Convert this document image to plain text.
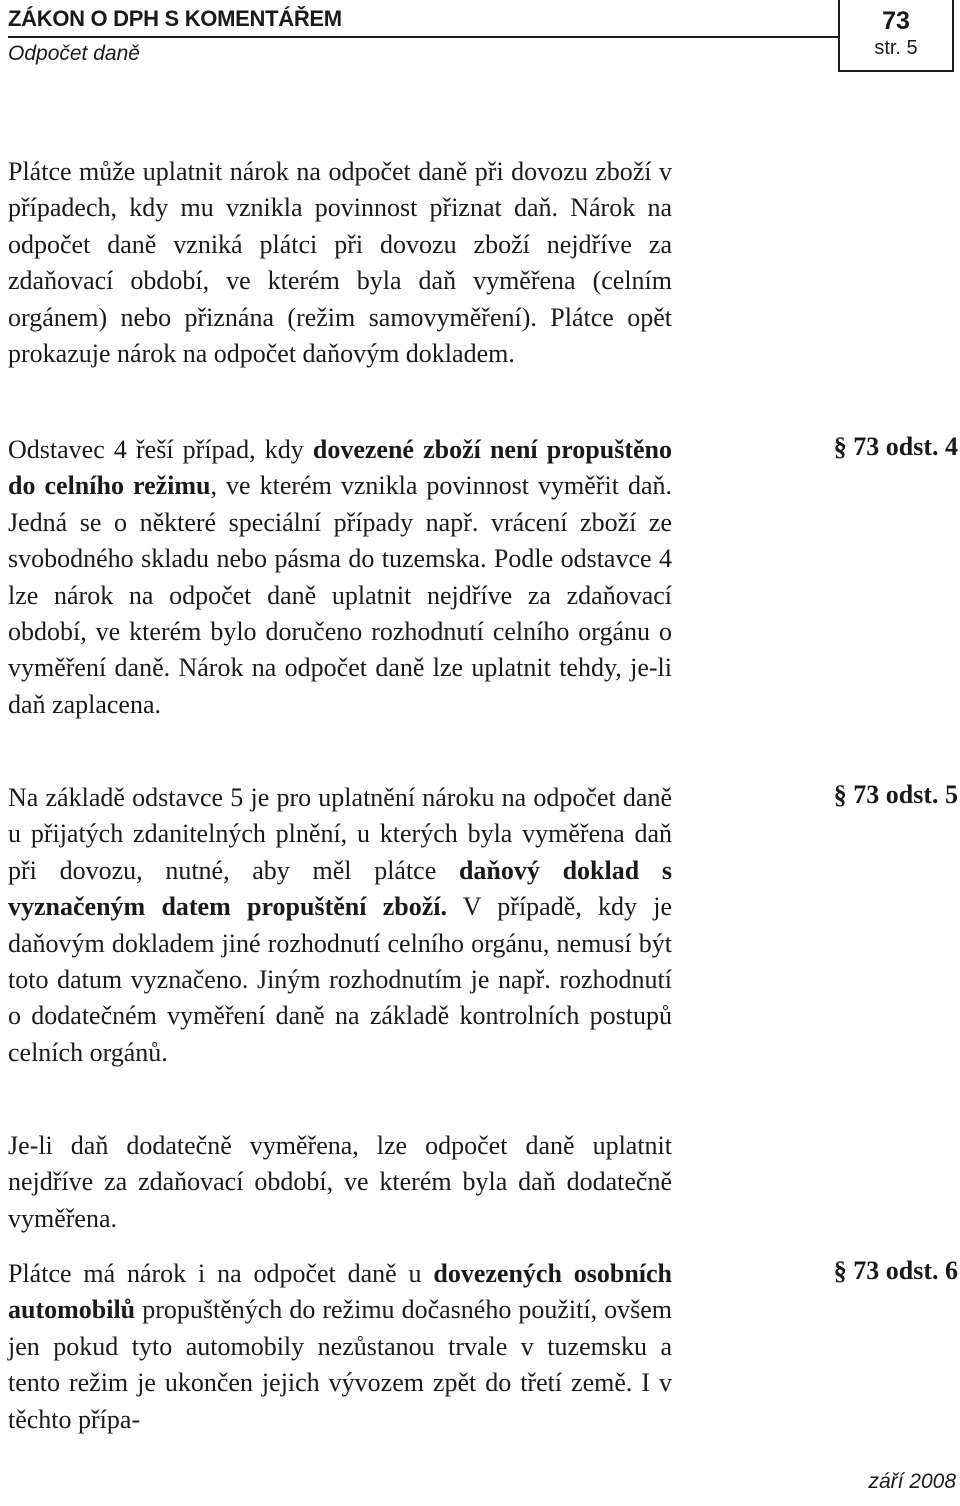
ZÁKON O DPH S KOMENTÁŘEM
Odpočet daně
73
str. 5

Plátce může uplatnit nárok na odpočet daně při dovozu zboží v případech, kdy mu vznikla povinnost přiznat daň. Nárok na odpočet daně vzniká plátci při dovozu zboží nejdříve za zdaňovací období, ve kterém byla daň vyměřena (celním orgánem) nebo přiznána (režim samovyměření). Plátce opět prokazuje nárok na odpočet daňovým dokladem.

Odstavec 4 řeší případ, kdy dovezené zboží není propuštěno do celního režimu, ve kterém vznikla povinnost vyměřit daň. Jedná se o některé speciální případy např. vrácení zboží ze svobodného skladu nebo pásma do tuzemska. Podle odstavce 4 lze nárok na odpočet daně uplatnit nejdříve za zdaňovací období, ve kterém bylo doručeno rozhodnutí celního orgánu o vyměření daně. Nárok na odpočet daně lze uplatnit tehdy, je-li daň zaplacena.

Na základě odstavce 5 je pro uplatnění nároku na odpočet daně u přijatých zdanitelných plnění, u kterých byla vyměřena daň při dovozu, nutné, aby měl plátce daňový doklad s vyznačeným datem propuštění zboží. V případě, kdy je daňovým dokladem jiné rozhodnutí celního orgánu, nemusí být toto datum vyznačeno. Jiným rozhodnutím je např. rozhodnutí o dodatečném vyměření daně na základě kontrolních postupů celních orgánů.

Je-li daň dodatečně vyměřena, lze odpočet daně uplatnit nejdříve za zdaňovací období, ve kterém byla daň dodatečně vyměřena.

Plátce má nárok i na odpočet daně u dovezených osobních automobilů propuštěných do režimu dočasného použití, ovšem jen pokud tyto automobily nezůstanou trvale v tuzemsku a tento režim je ukončen jejich vývozem zpět do třetí země. I v těchto přípa-

§ 73 odst. 4
§ 73 odst. 5
§ 73 odst. 6
září 2008
